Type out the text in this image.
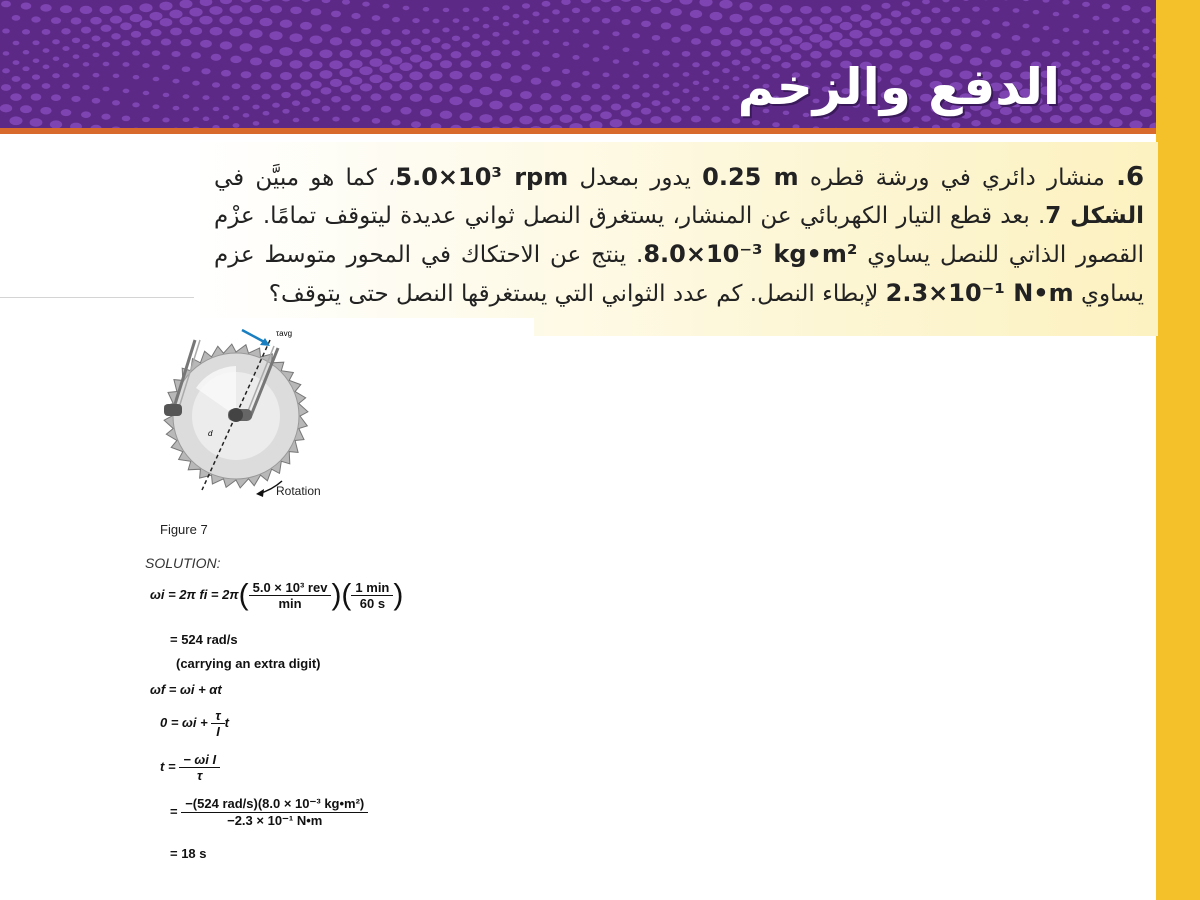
الدفع والزخم
6. منشار دائري في ورشة قطره 0.25 m يدور بمعدل 5.0×10³ rpm، كما هو مبيَّن في الشكل 7. بعد قطع التيار الكهربائي عن المنشار، يستغرق النصل ثواني عديدة ليتوقف تمامًا. عزْم القصور الذاتي للنصل يساوي 8.0×10⁻³ kg•m². ينتج عن الاحتكاك في المحور متوسط عزم يساوي 2.3×10⁻¹ N•m لإبطاء النصل. كم عدد الثواني التي يستغرقها النصل حتى يتوقف؟
d
τavg
Rotation
Figure 7
SOLUTION:
ωi = 2π fi = $2\pi( \frac{\text{5.0 × 10³ rev}}{\min}$ )( $\frac{1 \min}{60 s}$ )
= 524 rad/s
(carrying an extra digit)
ωf = ωi + αt
$0 = \omega i + \frac{\tau}{I}$ t
$t = \frac{\text{− ωi I}}{\tau}$
= $\frac{\text{−(524 rad/s)(8.0 × 10⁻³ kg•m²)}}{\text{−2.3 × 10⁻¹ N•m}}$
= 18 s
